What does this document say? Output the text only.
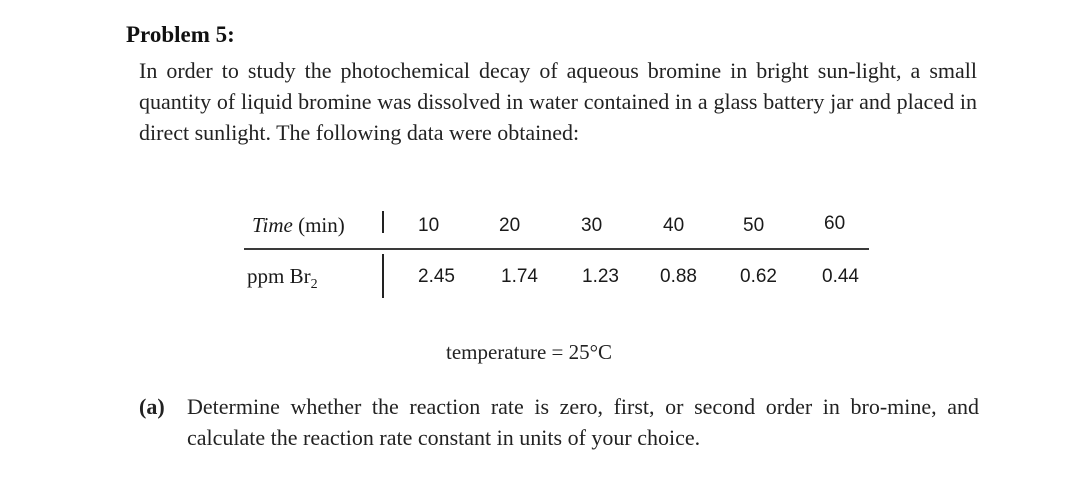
Problem 5:
In order to study the photochemical decay of aqueous bromine in bright sun-light, a small quantity of liquid bromine was dissolved in water contained in a glass battery jar and placed in direct sunlight. The following data were obtained:
Time (min)	10	20	30	40	50	60
ppm $Br_2$	2.45 1.74 1.23 0.88 0.62 0.44
temperature = 25°C
(a) Determine whether the reaction rate is zero, first, or second order in bro-mine, and calculate the reaction rate constant in units of your choice.
